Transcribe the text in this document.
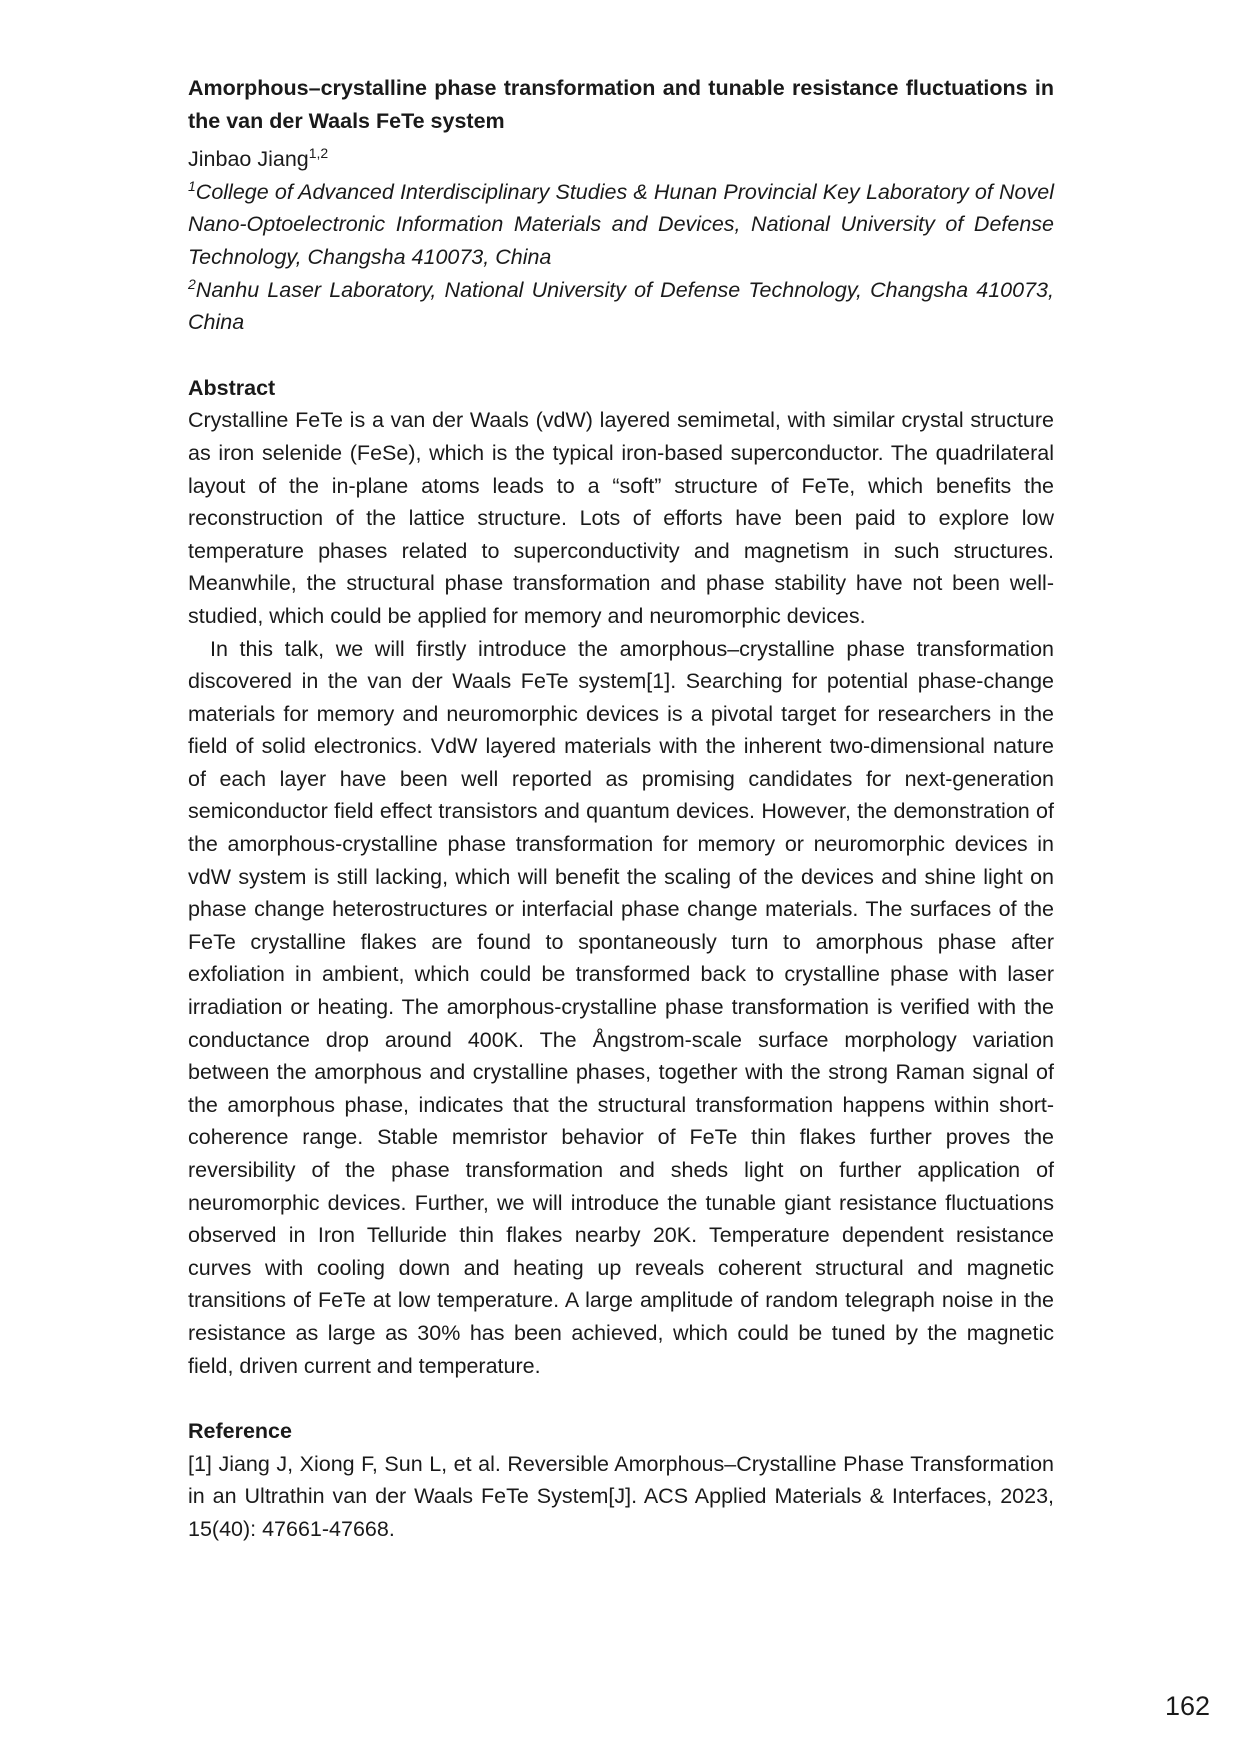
Amorphous–crystalline phase transformation and tunable resistance fluctuations in the van der Waals FeTe system

Jinbao Jiang$^{1,2}$

$^1$College of Advanced Interdisciplinary Studies & Hunan Provincial Key Laboratory of Novel Nano-Optoelectronic Information Materials and Devices, National University of Defense Technology, Changsha 410073, China

$^2$Nanhu Laser Laboratory, National University of Defense Technology, Changsha 410073, China

Abstract

Crystalline FeTe is a van der Waals (vdW) layered semimetal, with similar crystal structure as iron selenide (FeSe), which is the typical iron-based superconductor. The quadrilateral layout of the in-plane atoms leads to a “soft” structure of FeTe, which benefits the reconstruction of the lattice structure. Lots of efforts have been paid to explore low temperature phases related to superconductivity and magnetism in such structures. Meanwhile, the structural phase transformation and phase stability have not been well-studied, which could be applied for memory and neuromorphic devices.

In this talk, we will firstly introduce the amorphous–crystalline phase transformation discovered in the van der Waals FeTe system[1]. Searching for potential phase-change materials for memory and neuromorphic devices is a pivotal target for researchers in the field of solid electronics. VdW layered materials with the inherent two-dimensional nature of each layer have been well reported as promising candidates for next-generation semiconductor field effect transistors and quantum devices. However, the demonstration of the amorphous-crystalline phase transformation for memory or neuromorphic devices in vdW system is still lacking, which will benefit the scaling of the devices and shine light on phase change heterostructures or interfacial phase change materials. The surfaces of the FeTe crystalline flakes are found to spontaneously turn to amorphous phase after exfoliation in ambient, which could be transformed back to crystalline phase with laser irradiation or heating. The amorphous-crystalline phase transformation is verified with the conductance drop around 400K. The Ångstrom-scale surface morphology variation between the amorphous and crystalline phases, together with the strong Raman signal of the amorphous phase, indicates that the structural transformation happens within short-coherence range. Stable memristor behavior of FeTe thin flakes further proves the reversibility of the phase transformation and sheds light on further application of neuromorphic devices. Further, we will introduce the tunable giant resistance fluctuations observed in Iron Telluride thin flakes nearby 20K. Temperature dependent resistance curves with cooling down and heating up reveals coherent structural and magnetic transitions of FeTe at low temperature. A large amplitude of random telegraph noise in the resistance as large as 30% has been achieved, which could be tuned by the magnetic field, driven current and temperature.

Reference

[1] Jiang J, Xiong F, Sun L, et al. Reversible Amorphous–Crystalline Phase Transformation in an Ultrathin van der Waals FeTe System[J]. ACS Applied Materials & Interfaces, 2023, 15(40): 47661-47668.

162
